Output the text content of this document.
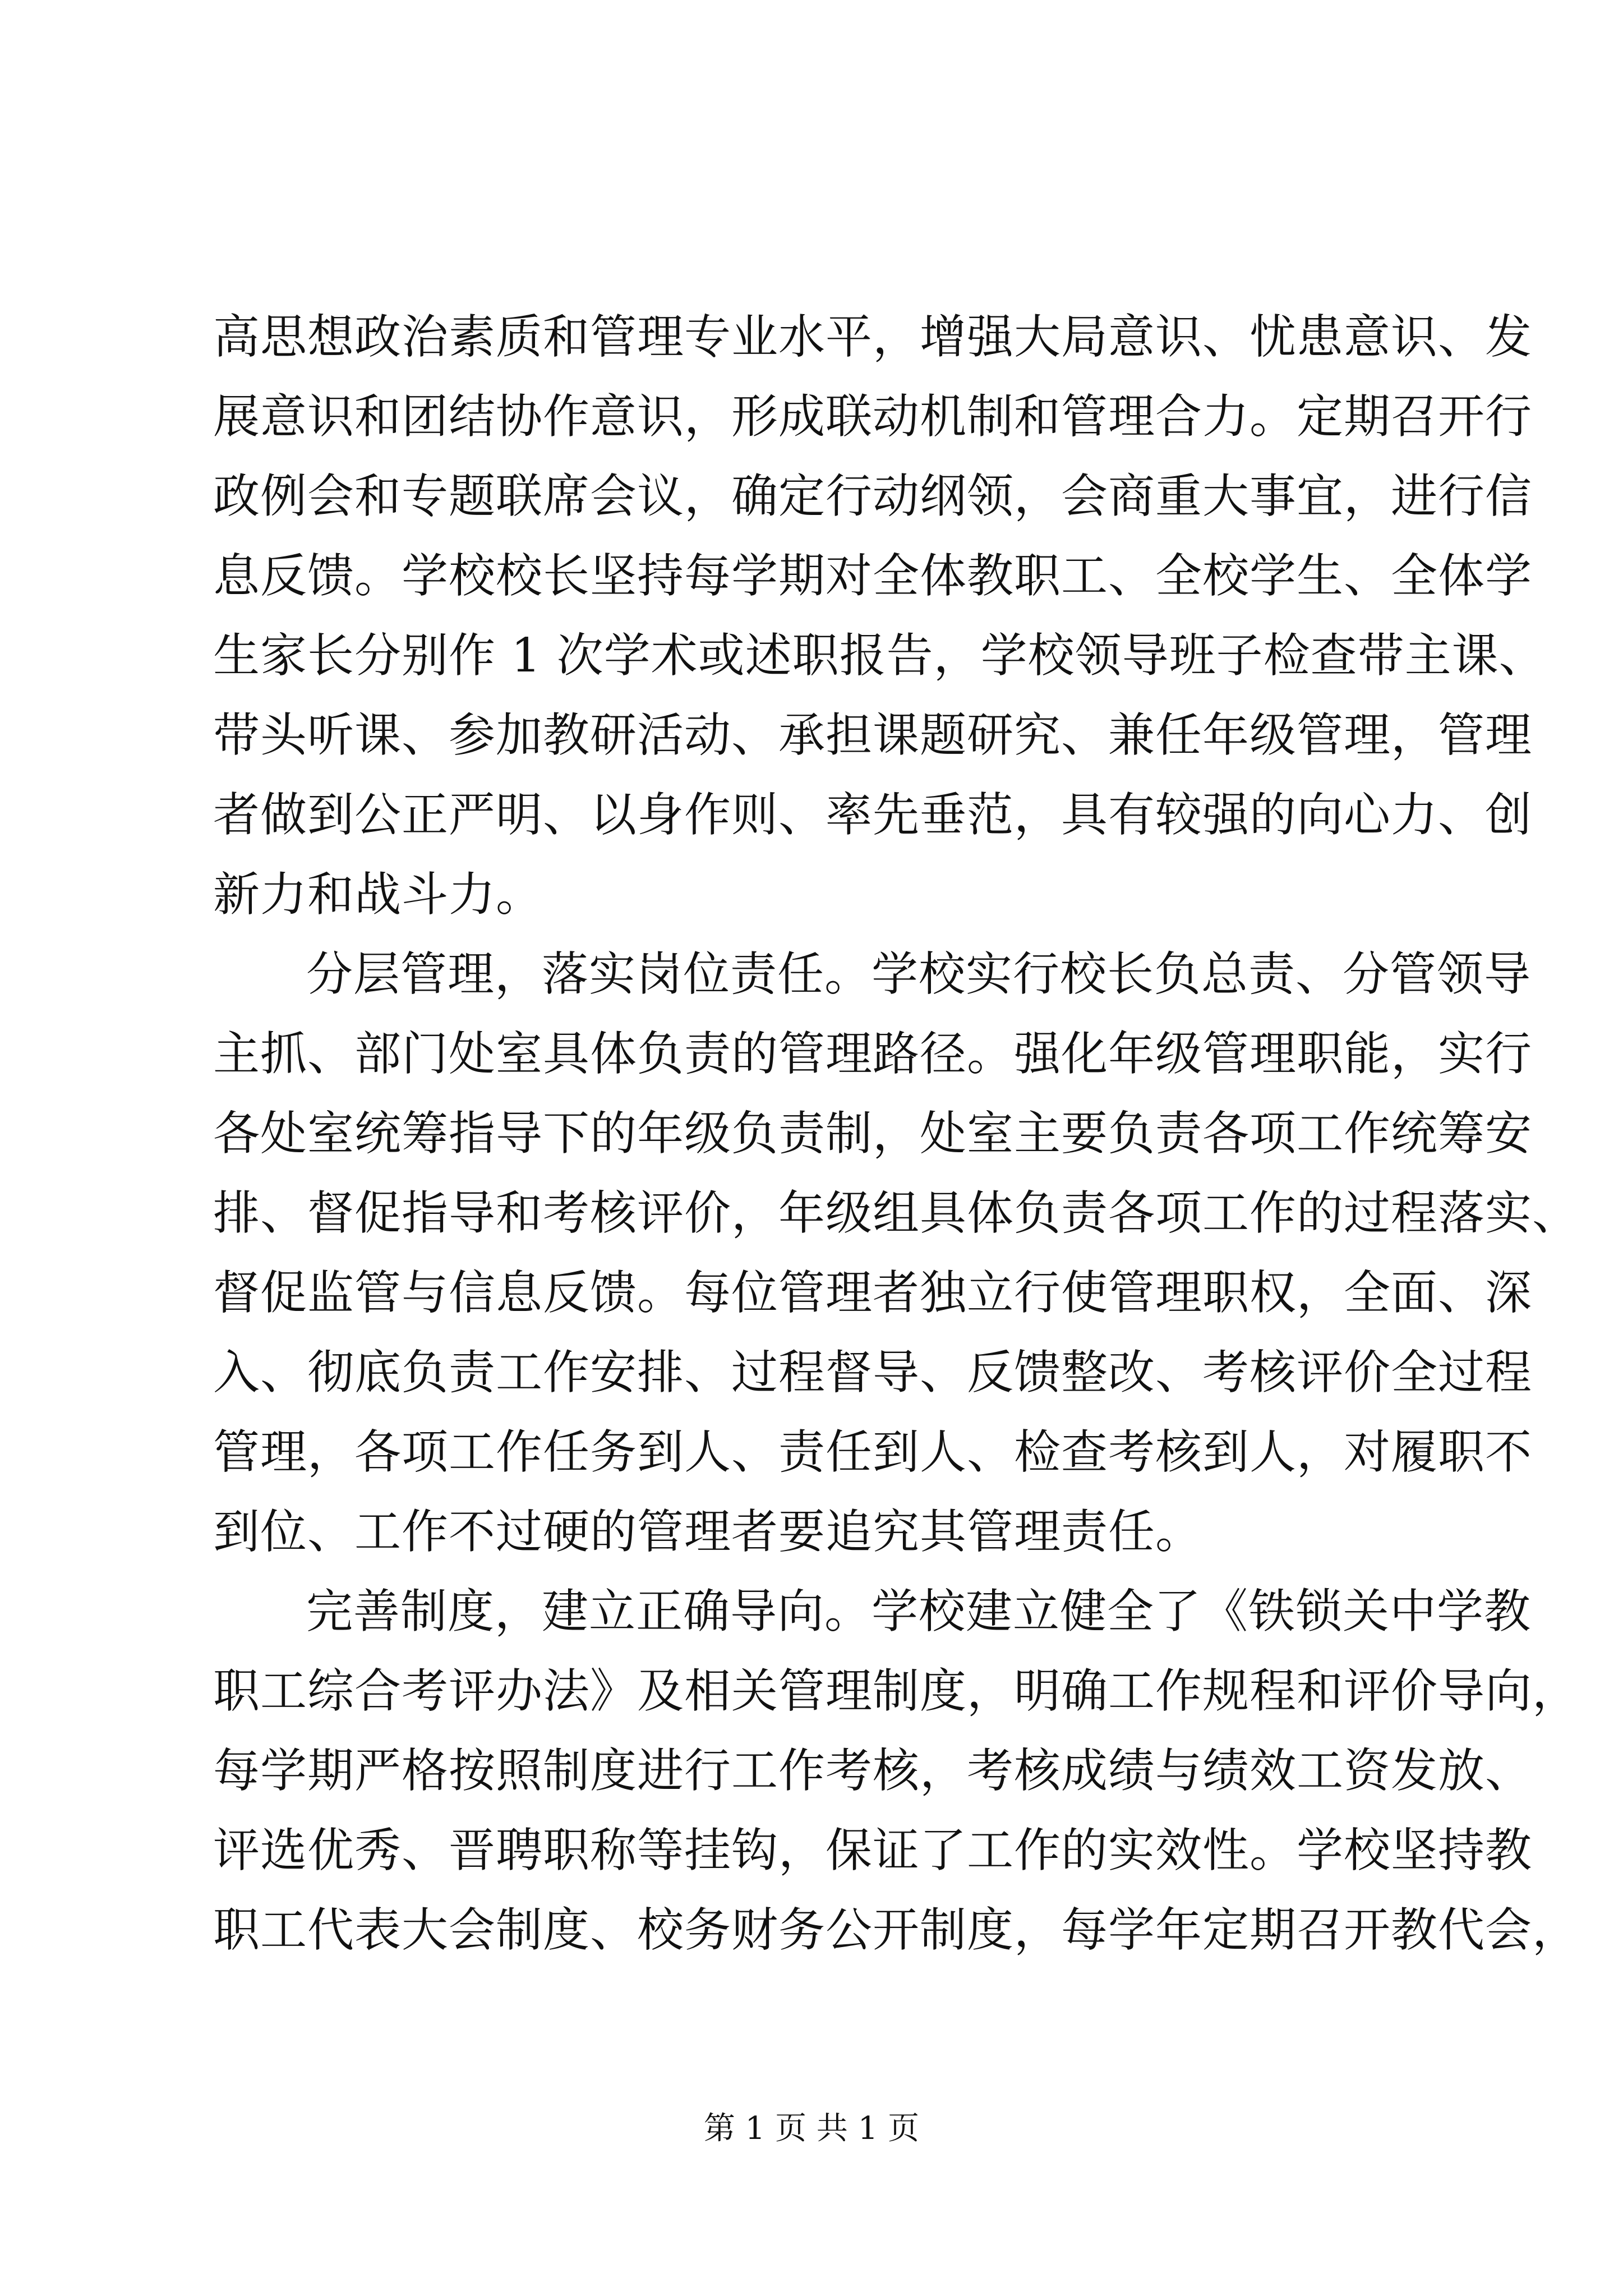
高思想政治素质和管理专业水平，增强大局意识、忧患意识、发
展意识和团结协作意识，形成联动机制和管理合力。定期召开行
政例会和专题联席会议，确定行动纲领，会商重大事宜，进行信
息反馈。学校校长坚持每学期对全体教职工、全校学生、全体学
生家长分别作 1 次学术或述职报告，学校领导班子检查带主课、
带头听课、参加教研活动、承担课题研究、兼任年级管理，管理
者做到公正严明、以身作则、率先垂范，具有较强的向心力、创
新力和战斗力。
分层管理，落实岗位责任。学校实行校长负总责、分管领导
主抓、部门处室具体负责的管理路径。强化年级管理职能，实行
各处室统筹指导下的年级负责制，处室主要负责各项工作统筹安
排、督促指导和考核评价，年级组具体负责各项工作的过程落实、
督促监管与信息反馈。每位管理者独立行使管理职权，全面、深
入、彻底负责工作安排、过程督导、反馈整改、考核评价全过程
管理，各项工作任务到人、责任到人、检查考核到人，对履职不
到位、工作不过硬的管理者要追究其管理责任。
完善制度，建立正确导向。学校建立健全了《铁锁关中学教
职工综合考评办法》及相关管理制度，明确工作规程和评价导向，
每学期严格按照制度进行工作考核，考核成绩与绩效工资发放、
评选优秀、晋聘职称等挂钩，保证了工作的实效性。学校坚持教
职工代表大会制度、校务财务公开制度，每学年定期召开教代会，
第 1 页 共 1 页
